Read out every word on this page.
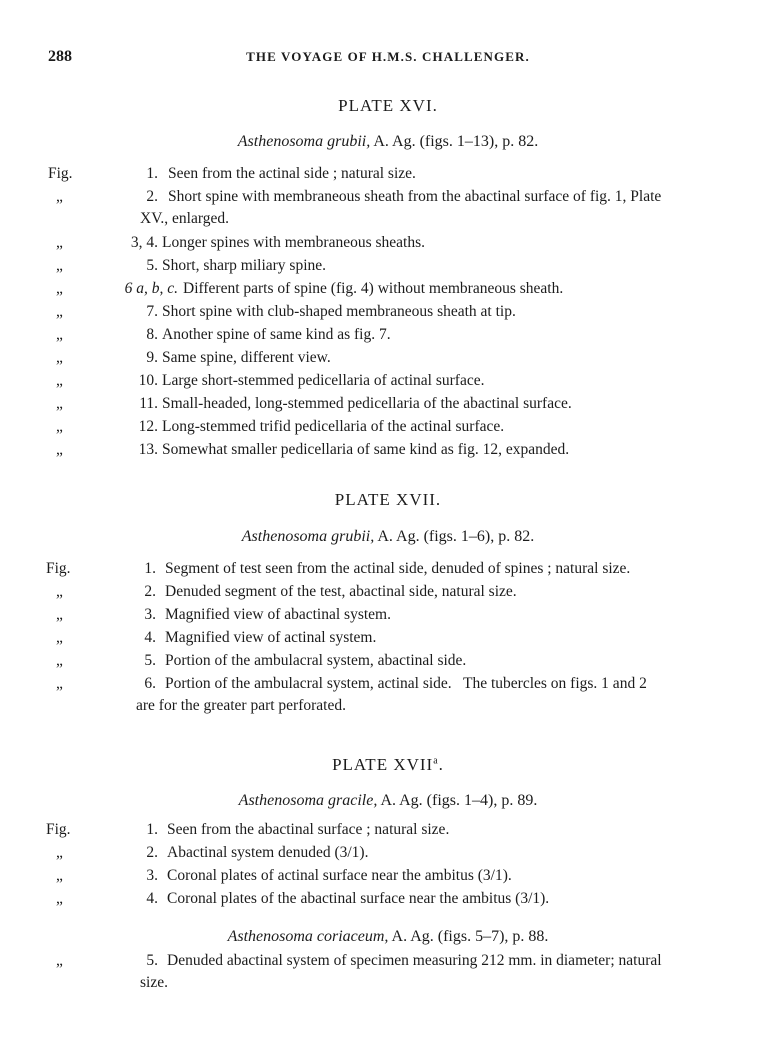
288	THE VOYAGE OF H.M.S. CHALLENGER.
PLATE XVI.
Asthenosoma grubii, A. Ag. (figs. 1–13), p. 82.
Fig.	1. Seen from the actinal side ; natural size.
„	2. Short spine with membraneous sheath from the abactinal surface of fig. 1, Plate
XV., enlarged.
„	3, 4. Longer spines with membraneous sheaths.
„	5. Short, sharp miliary spine.
„	6 a, b, c. Different parts of spine (fig. 4) without membraneous sheath.
„	7. Short spine with club-shaped membraneous sheath at tip.
„	8. Another spine of same kind as fig. 7.
„	9. Same spine, different view.
„	10. Large short-stemmed pedicellaria of actinal surface.
„	11. Small-headed, long-stemmed pedicellaria of the abactinal surface.
„	12. Long-stemmed trifid pedicellaria of the actinal surface.
„	13. Somewhat smaller pedicellaria of same kind as fig. 12, expanded.
PLATE XVII.
Asthenosoma grubii, A. Ag. (figs. 1–6), p. 82.
Fig.	1. Segment of test seen from the actinal side, denuded of spines ; natural size.
„	2. Denuded segment of the test, abactinal side, natural size.
„	3. Magnified view of abactinal system.
„	4. Magnified view of actinal system.
„	5. Portion of the ambulacral system, abactinal side.
„	6. Portion of the ambulacral system, actinal side.   The tubercles on figs. 1 and 2
are for the greater part perforated.
PLATE XVII$^a$.
Asthenosoma gracile, A. Ag. (figs. 1–4), p. 89.
Fig.	1. Seen from the abactinal surface ; natural size.
„	2. Abactinal system denuded (3/1).
„	3. Coronal plates of actinal surface near the ambitus (3/1).
„	4. Coronal plates of the abactinal surface near the ambitus (3/1).
Asthenosoma coriaceum, A. Ag. (figs. 5–7), p. 88.
„	5. Denuded abactinal system of specimen measuring 212 mm. in diameter; natural
size.
